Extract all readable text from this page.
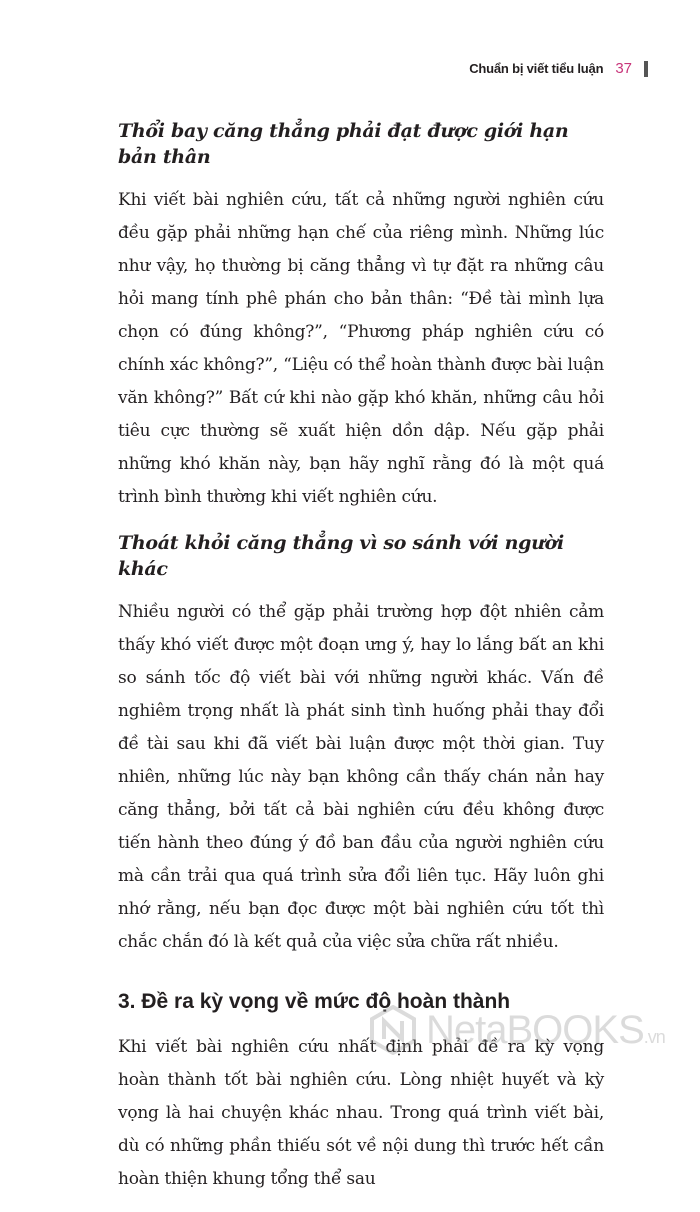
Chuẩn bị viết tiểu luận 37

Thổi bay căng thẳng phải đạt được giới hạn bản thân

Khi viết bài nghiên cứu, tất cả những người nghiên cứu đều gặp phải những hạn chế của riêng mình. Những lúc như vậy, họ thường bị căng thẳng vì tự đặt ra những câu hỏi mang tính phê phán cho bản thân: “Đề tài mình lựa chọn có đúng không?”, “Phương pháp nghiên cứu có chính xác không?”, “Liệu có thể hoàn thành được bài luận văn không?” Bất cứ khi nào gặp khó khăn, những câu hỏi tiêu cực thường sẽ xuất hiện dồn dập. Nếu gặp phải những khó khăn này, bạn hãy nghĩ rằng đó là một quá trình bình thường khi viết nghiên cứu.

Thoát khỏi căng thẳng vì so sánh với người khác

Nhiều người có thể gặp phải trường hợp đột nhiên cảm thấy khó viết được một đoạn ưng ý, hay lo lắng bất an khi so sánh tốc độ viết bài với những người khác. Vấn đề nghiêm trọng nhất là phát sinh tình huống phải thay đổi đề tài sau khi đã viết bài luận được một thời gian. Tuy nhiên, những lúc này bạn không cần thấy chán nản hay căng thẳng, bởi tất cả bài nghiên cứu đều không được tiến hành theo đúng ý đồ ban đầu của người nghiên cứu mà cần trải qua quá trình sửa đổi liên tục. Hãy luôn ghi nhớ rằng, nếu bạn đọc được một bài nghiên cứu tốt thì chắc chắn đó là kết quả của việc sửa chữa rất nhiều.

3. Đề ra kỳ vọng về mức độ hoàn thành

Khi viết bài nghiên cứu nhất định phải đề ra kỳ vọng hoàn thành tốt bài nghiên cứu. Lòng nhiệt huyết và kỳ vọng là hai chuyện khác nhau. Trong quá trình viết bài, dù có những phần thiếu sót về nội dung thì trước hết cần hoàn thiện khung tổng thể sau

NetaBOOKS.vn
